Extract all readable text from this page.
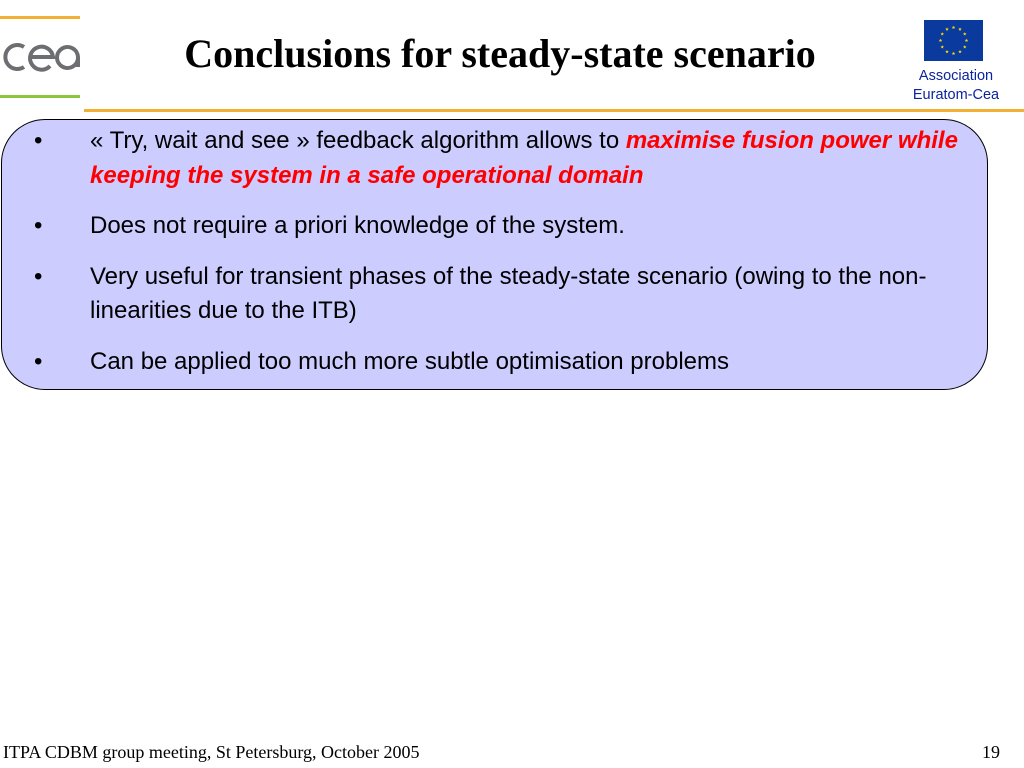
Conclusions for steady-state scenario	Association
Euratom-Cea
• « Try, wait and see » feedback algorithm allows to maximise fusion power while keeping the system in a safe operational domain
• Does not require a priori knowledge of the system.
• Very useful for transient phases of the steady-state scenario (owing to the non-linearities due to the ITB)
• Can be applied too much more subtle optimisation problems
ITPA CDBM group meeting, St Petersburg, October 2005	19
